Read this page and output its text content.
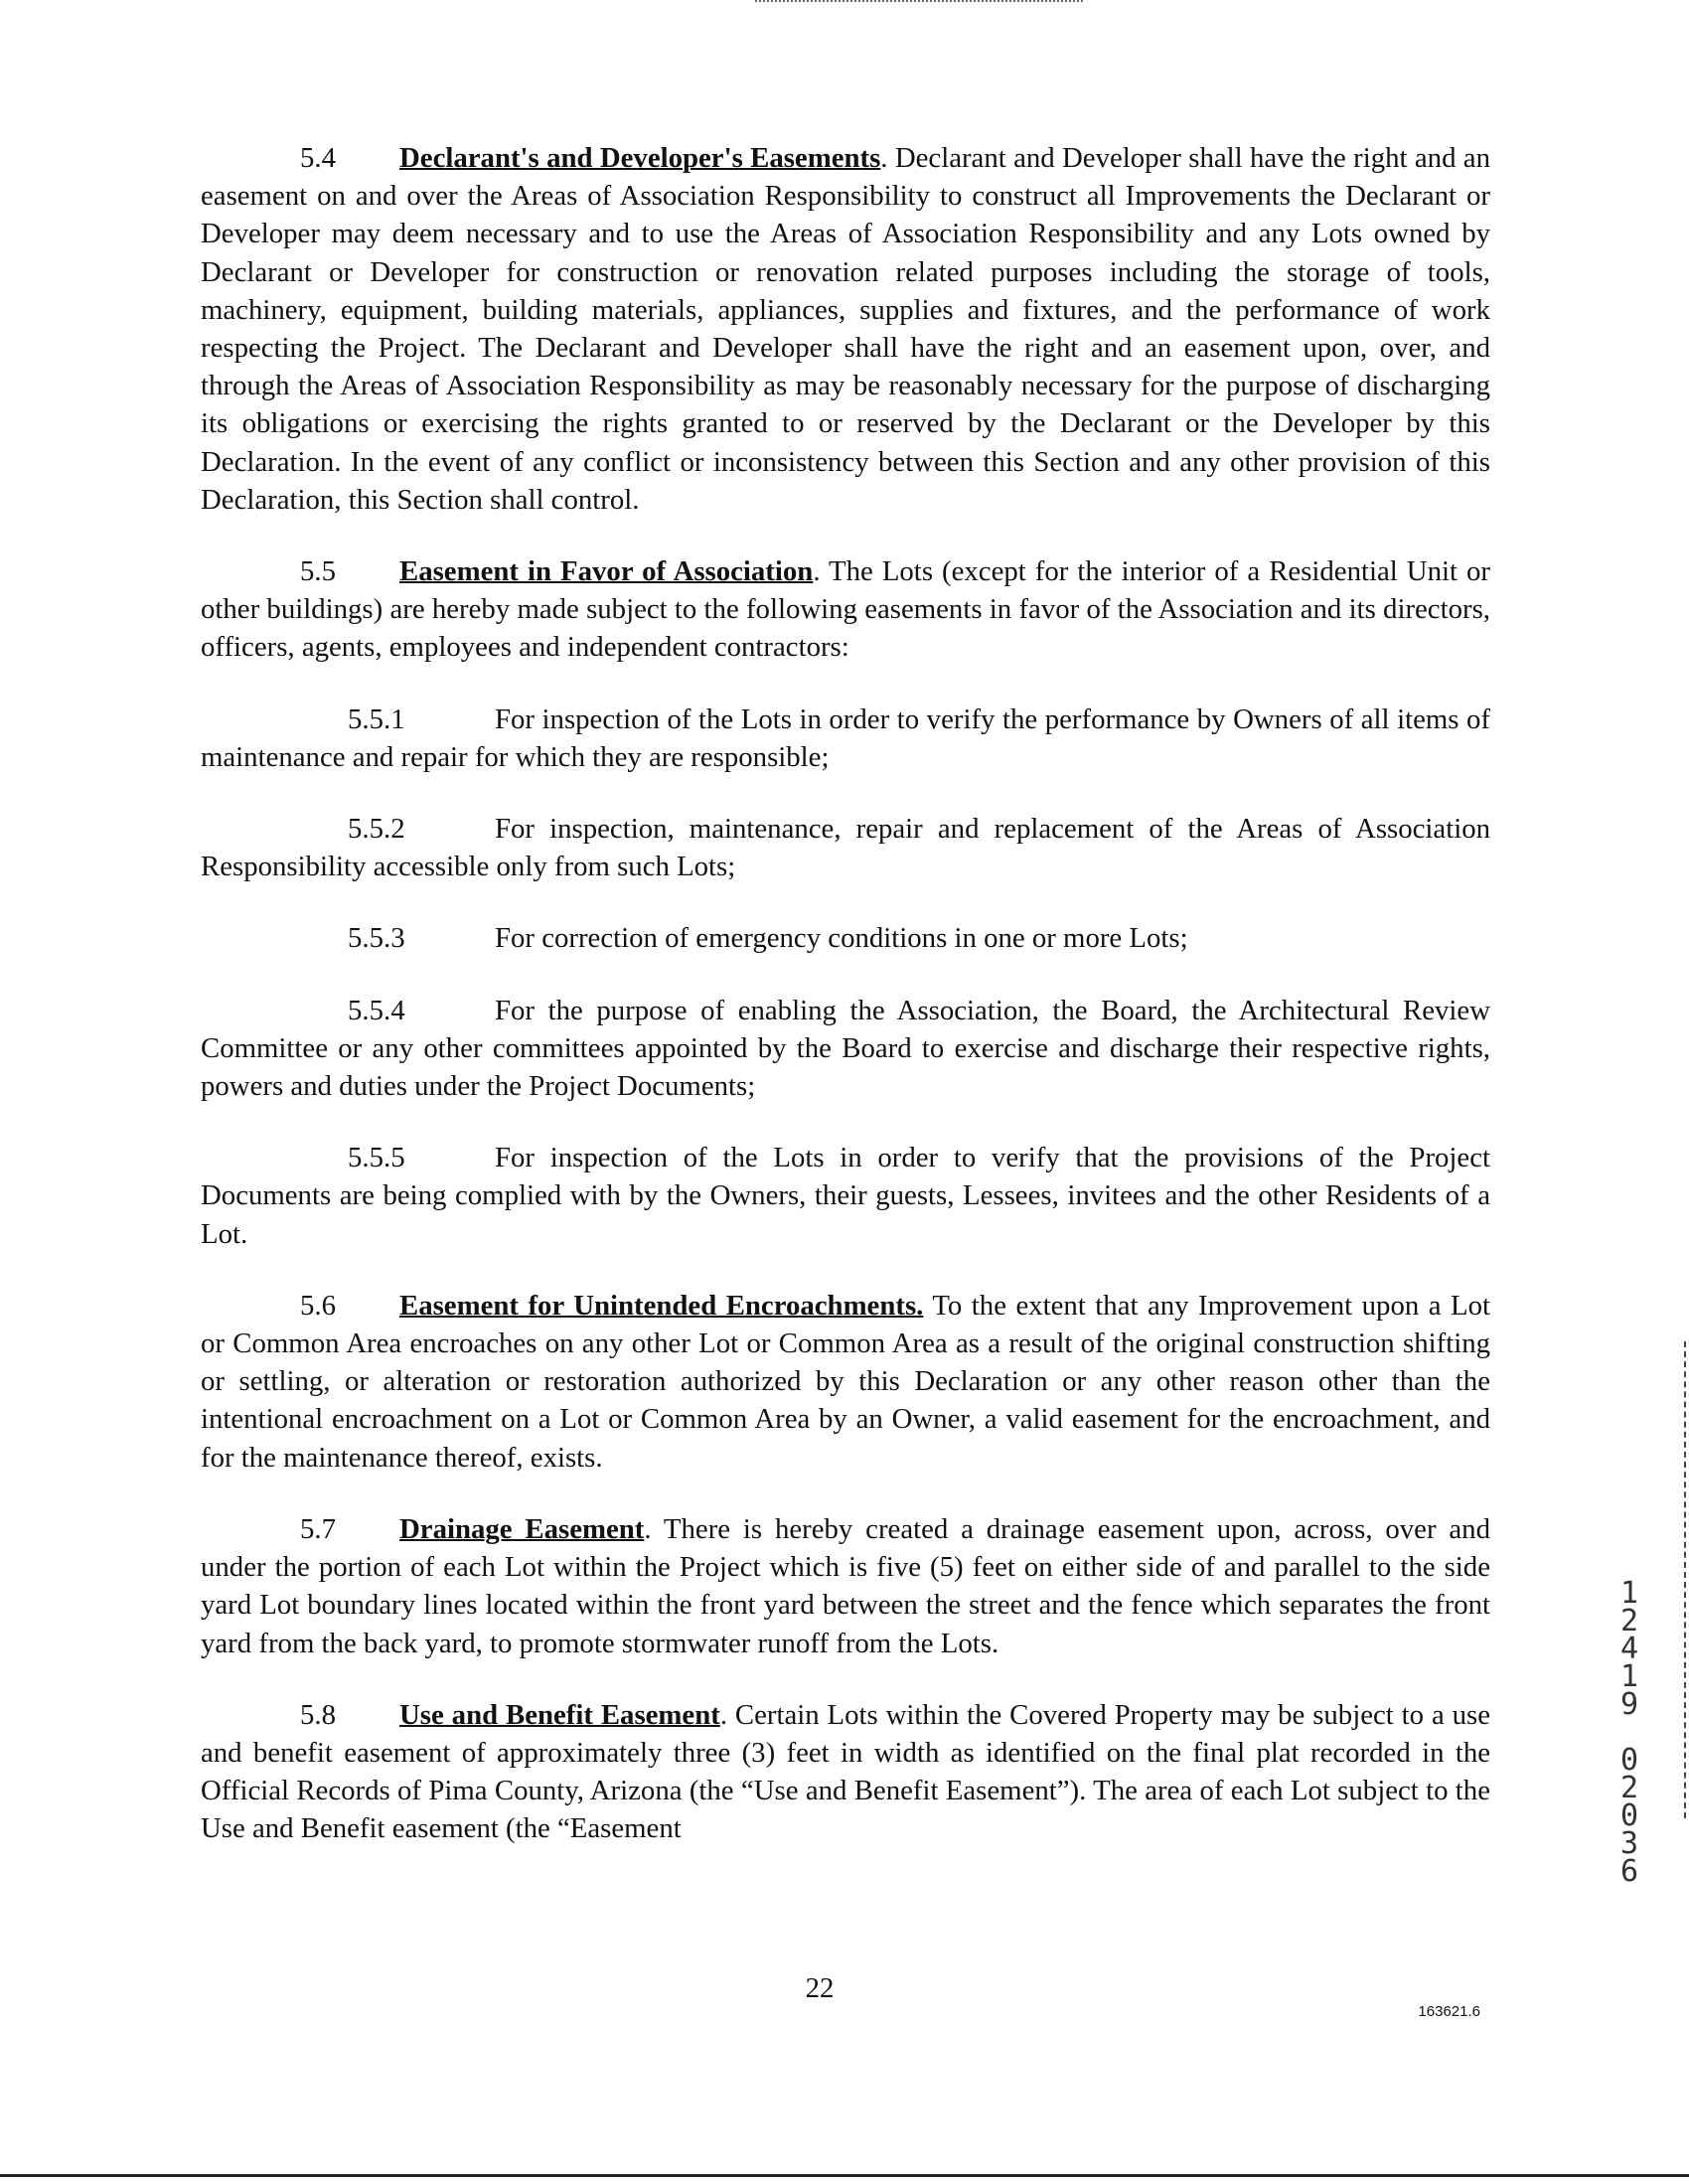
5.4 Declarant's and Developer's Easements. Declarant and Developer shall have the right and an easement on and over the Areas of Association Responsibility to construct all Improvements the Declarant or Developer may deem necessary and to use the Areas of Association Responsibility and any Lots owned by Declarant or Developer for construction or renovation related purposes including the storage of tools, machinery, equipment, building materials, appliances, supplies and fixtures, and the performance of work respecting the Project. The Declarant and Developer shall have the right and an easement upon, over, and through the Areas of Association Responsibility as may be reasonably necessary for the purpose of discharging its obligations or exercising the rights granted to or reserved by the Declarant or the Developer by this Declaration. In the event of any conflict or inconsistency between this Section and any other provision of this Declaration, this Section shall control.

5.5 Easement in Favor of Association. The Lots (except for the interior of a Residential Unit or other buildings) are hereby made subject to the following easements in favor of the Association and its directors, officers, agents, employees and independent contractors:

5.5.1	For inspection of the Lots in order to verify the performance by Owners of all items of maintenance and repair for which they are responsible;

5.5.2	For inspection, maintenance, repair and replacement of the Areas of Association Responsibility accessible only from such Lots;

5.5.3	For correction of emergency conditions in one or more Lots;

5.5.4	For the purpose of enabling the Association, the Board, the Architectural Review Committee or any other committees appointed by the Board to exercise and discharge their respective rights, powers and duties under the Project Documents;

5.5.5	For inspection of the Lots in order to verify that the provisions of the Project Documents are being complied with by the Owners, their guests, Lessees, invitees and the other Residents of a Lot.

5.6 Easement for Unintended Encroachments. To the extent that any Improvement upon a Lot or Common Area encroaches on any other Lot or Common Area as a result of the original construction shifting or settling, or alteration or restoration authorized by this Declaration or any other reason other than the intentional encroachment on a Lot or Common Area by an Owner, a valid easement for the encroachment, and for the maintenance thereof, exists.

5.7 Drainage Easement. There is hereby created a drainage easement upon, across, over and under the portion of each Lot within the Project which is five (5) feet on either side of and parallel to the side yard Lot boundary lines located within the front yard between the street and the fence which separates the front yard from the back yard, to promote stormwater runoff from the Lots.

5.8 Use and Benefit Easement. Certain Lots within the Covered Property may be subject to a use and benefit easement of approximately three (3) feet in width as identified on the final plat recorded in the Official Records of Pima County, Arizona (the “Use and Benefit Easement”). The area of each Lot subject to the Use and Benefit easement (the “Easement

22
163621.6
1
2
4
1
9

0
2
0
3
6
